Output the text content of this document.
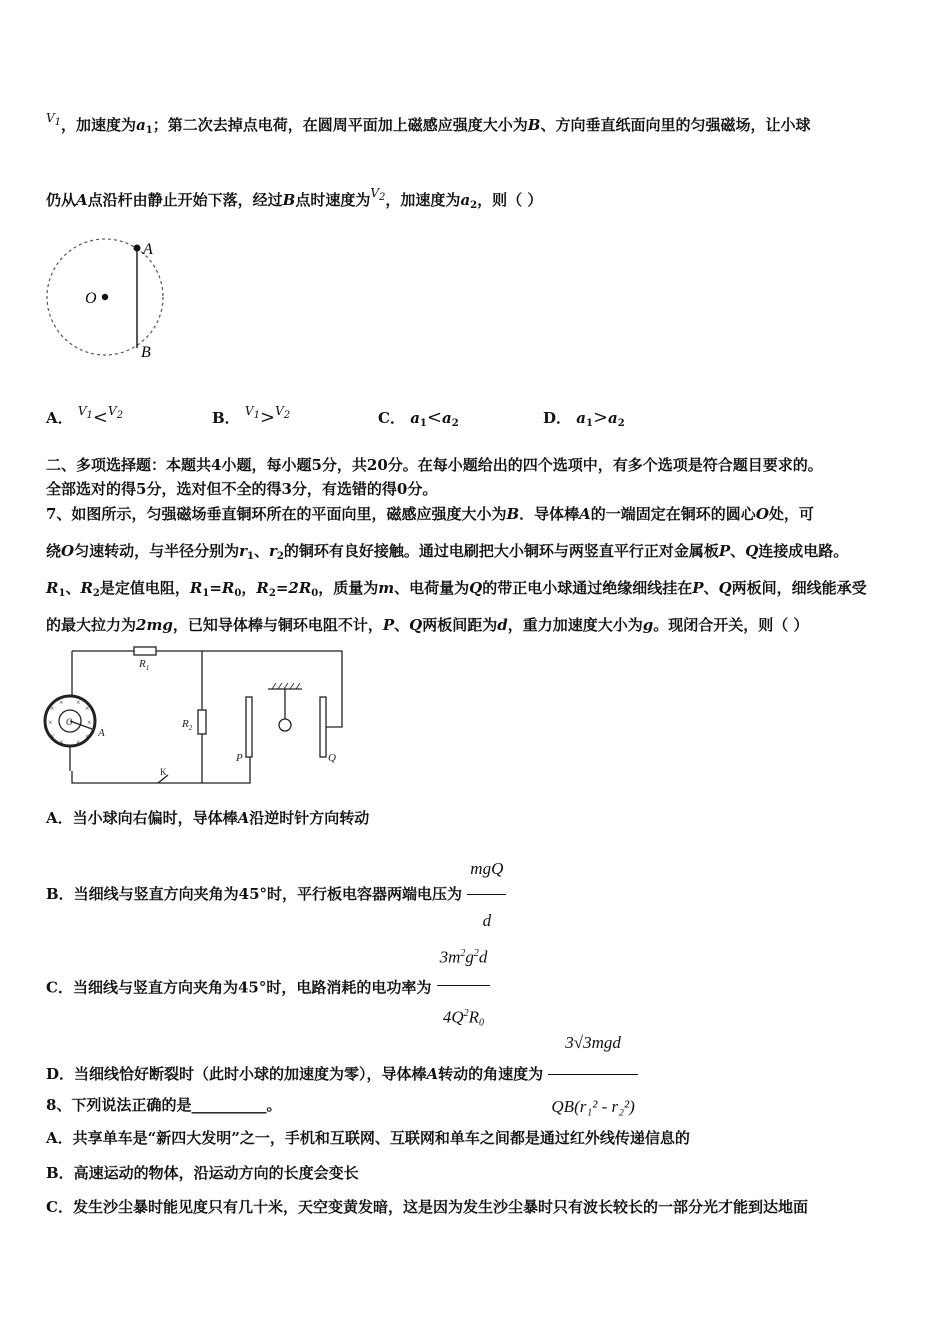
$^{V_1}$，加速度为$a_1$；第二次去掉点电荷，在圆周平面加上磁感应强度大小为B、方向垂直纸面向里的匀强磁场，让小球
仍从A点沿杆由静止开始下落，经过B点时速度为$^{V_2}$，加速度为$a_2$，则（ ）
A
O
B
A． $^{V_1}$<$^{V_2}$	B． $^{V_1}$>$^{V_2}$	C． $a_1<a_2$	D． $a_1>a_2$
二、多项选择题：本题共4小题，每小题5分，共20分。在每小题给出的四个选项中，有多个选项是符合题目要求的。
全部选对的得5分，选对但不全的得3分，有选错的得0分。
7、如图所示，匀强磁场垂直铜环所在的平面向里，磁感应强度大小为B．导体棒A的一端固定在铜环的圆心O处，可
绕O匀速转动，与半径分别为$r_1$、$r_2$的铜环有良好接触。通过电刷把大小铜环与两竖直平行正对金属板P、Q连接成电路。
$R_1$、$R_2$是定值电阻，$R_1=R_0$，$R_2=2R_0$，质量为m、电荷量为Q的带正电小球通过绝缘细线挂在P、Q两板间，细线能承受
的最大拉力为2mg，已知导体棒与铜环电阻不计，P、Q两板间距为d，重力加速度大小为g。现闭合开关，则（ ）
×
× ×
×
×	×
×
× ×
×
$R_1$
$R_2$
P	Q
K
A
O
A．当小球向右偏时，导体棒A沿逆时针方向转动
B．当细线与竖直方向夹角为45°时，平行板电容器两端电压为 $\frac{\text{mgQ}}{d}$
C．当细线与竖直方向夹角为45°时，电路消耗的电功率为 $\frac{3m^2g^2d}{4Q^2R_0}$
D．当细线恰好断裂时（此时小球的加速度为零），导体棒A转动的角速度为 $\frac{\text{3√3mgd}}{\text{QB(r₁² - r₂²)}}$
8、下列说法正确的是__________。
A．共享单车是“新四大发明”之一，手机和互联网、互联网和单车之间都是通过红外线传递信息的
B．高速运动的物体，沿运动方向的长度会变长
C．发生沙尘暴时能见度只有几十米，天空变黄发暗，这是因为发生沙尘暴时只有波长较长的一部分光才能到达地面
